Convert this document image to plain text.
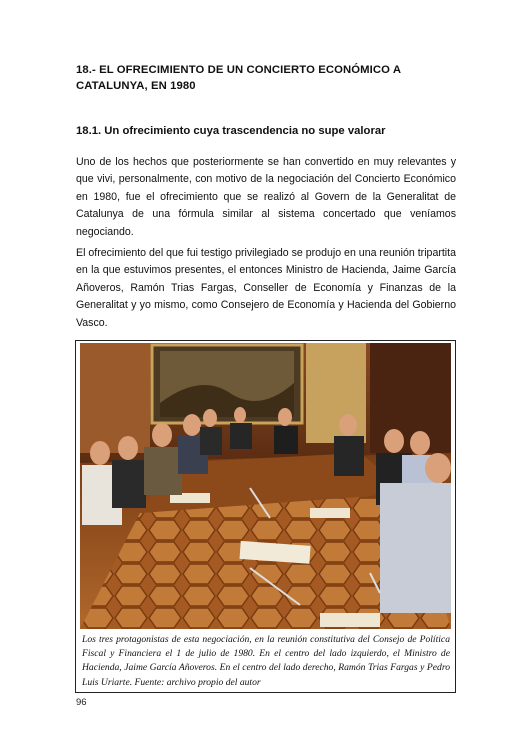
18.- EL OFRECIMIENTO DE UN CONCIERTO ECONÓMICO A CATALUNYA, EN 1980
18.1. Un ofrecimiento cuya trascendencia no supe valorar

Uno de los hechos que posteriormente se han convertido en muy relevantes y que vivi, personalmente, con motivo de la negociación del Concierto Económico en 1980, fue el ofrecimiento que se realizó al Govern de la Generalitat de Catalunya de una fórmula similar al sistema concertado que veníamos negociando.

El ofrecimiento del que fui testigo privilegiado se produjo en una reunión tripartita en la que estuvimos presentes, el entonces Ministro de Hacienda, Jaime García Añoveros, Ramón Trias Fargas, Conseller de Economía y Finanzas de la Generalitat y yo mismo, como Consejero de Economía y Hacienda del Gobierno Vasco.

Los tres protagonistas de esta negociación, en la reunión constitutiva del Consejo de Política Fiscal y Financiera el 1 de julio de 1980. En el centro del lado izquierdo, el Ministro de Hacienda, Jaime García Añoveros. En el centro del lado derecho, Ramón Trias Fargas y Pedro Luis Uriarte. Fuente: archivo propio del autor

96
